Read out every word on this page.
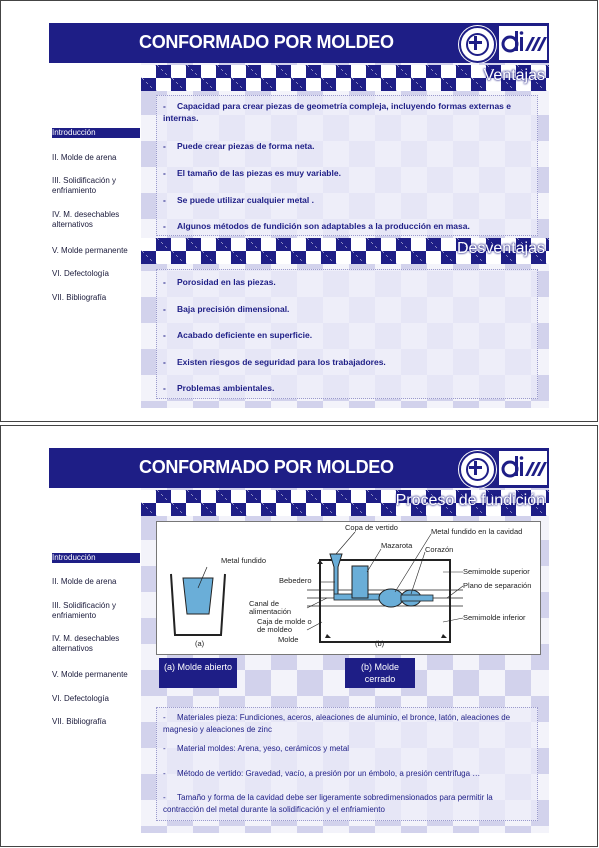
CONFORMADO POR MOLDEO
Introducción
II. Molde de arena
III. Solidificación y enfriamiento
IV. M. desechables alternativos
V. Molde permanente
VI. Defectología
VII. Bibliografía
Ventajas
- Capacidad para crear piezas de geometría compleja, incluyendo formas externas e internas.
- Puede crear piezas de forma neta.
- El tamaño de las piezas es muy variable.
- Se puede utilizar cualquier metal .
- Algunos métodos de fundición son adaptables a la producción en masa.
Desventajas
- Porosidad en las piezas.
- Baja precisión dimensional.
- Acabado deficiente en superficie.
- Existen riesgos de seguridad para los trabajadores.
- Problemas ambientales.
CONFORMADO POR MOLDEO
Introducción
II. Molde de arena
III. Solidificación y enfriamiento
IV. M. desechables alternativos
V. Molde permanente
VI. Defectología
VII. Bibliografía
Proceso de fundición
Metal fundido
(a)	(b)
Copa de vertido	Metal fundido en la cavidad
Mazarota Corazón
Bebedero
Semimolde superior
Plano de separación
Canal de alimentación
Caja de molde o de moldeo
Molde
Semimolde inferior
(a) Molde abierto	(b) Molde cerrado
- Materiales pieza: Fundiciones, aceros, aleaciones de aluminio, el bronce, latón, aleaciones de magnesio y aleaciones de zinc
- Material moldes: Arena, yeso, cerámicos y metal
- Método de vertido: Gravedad, vacío, a presión por un émbolo, a presión centrífuga …
- Tamaño y forma de la cavidad debe ser ligeramente sobredimensionados para permitir la contracción del metal durante la solidificación y el enfriamiento
